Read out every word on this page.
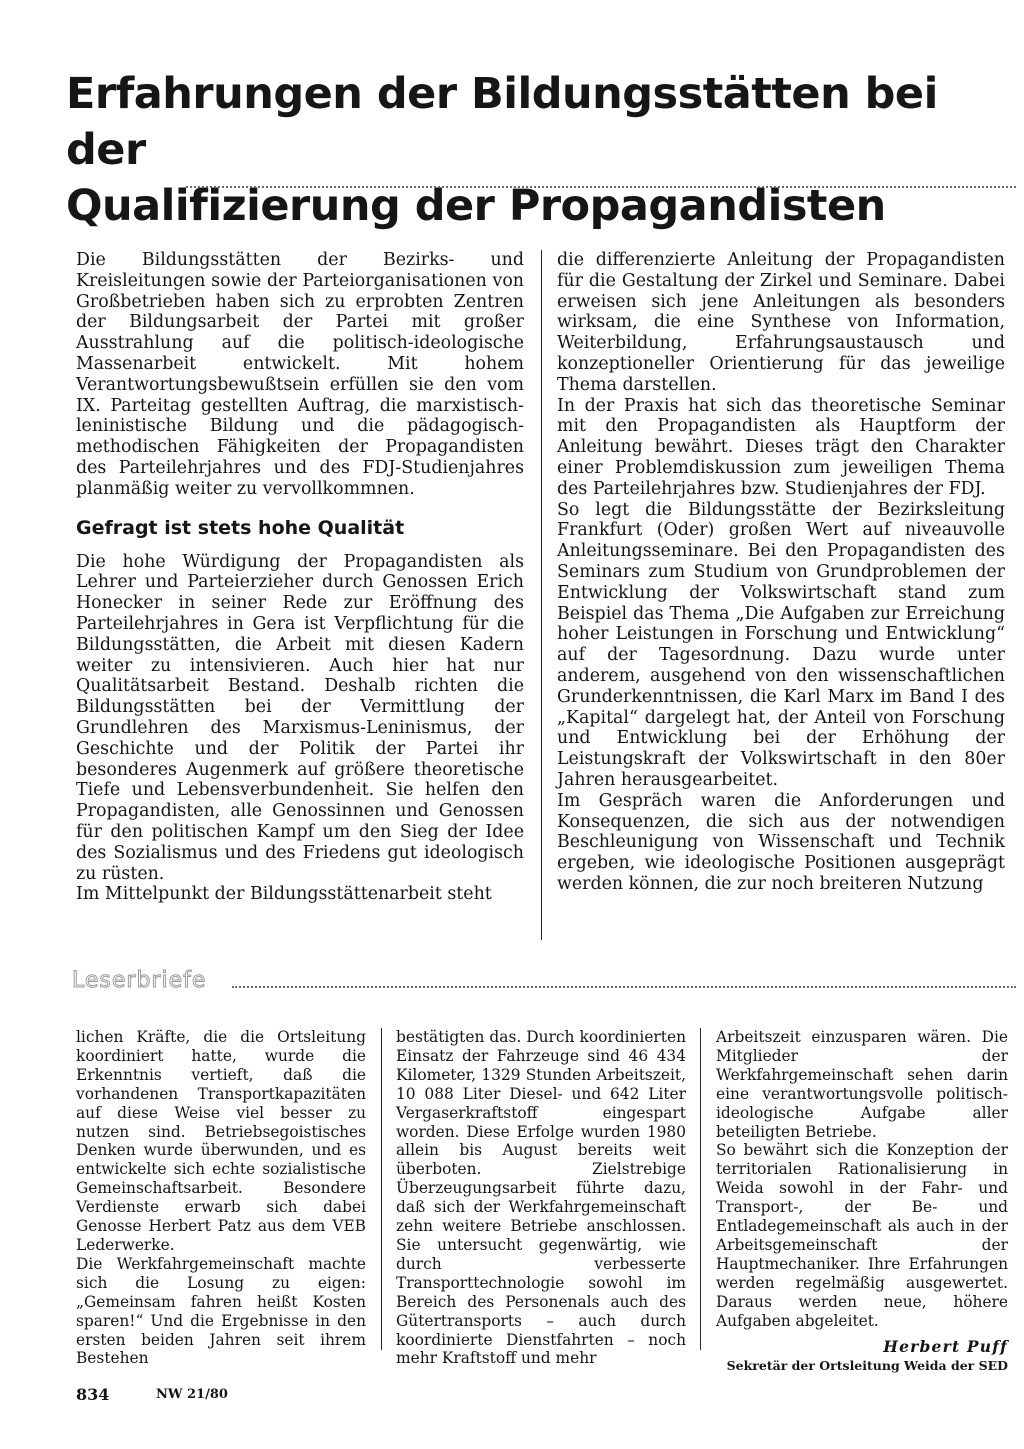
Erfahrungen der Bildungsstätten bei der
Qualifizierung der Propagandisten

Die Bildungsstätten der Bezirks- und Kreisleitungen sowie der Parteiorganisationen von Großbetrieben haben sich zu erprobten Zentren der Bildungsarbeit der Partei mit großer Ausstrahlung auf die politisch-ideologische Massenarbeit entwickelt. Mit hohem Verantwortungsbewußtsein erfüllen sie den vom IX. Parteitag gestellten Auftrag, die marxistisch-leninistische Bildung und die pädagogisch-methodischen Fähigkeiten der Propagandisten des Parteilehrjahres und des FDJ-Studienjahres planmäßig weiter zu vervollkommnen.

Gefragt ist stets hohe Qualität

Die hohe Würdigung der Propagandisten als Lehrer und Parteierzieher durch Genossen Erich Honecker in seiner Rede zur Eröffnung des Parteilehrjahres in Gera ist Verpflichtung für die Bildungsstätten, die Arbeit mit diesen Kadern weiter zu intensivieren. Auch hier hat nur Qualitätsarbeit Bestand. Deshalb richten die Bildungsstätten bei der Vermittlung der Grundlehren des Marxismus-Leninismus, der Geschichte und der Politik der Partei ihr besonderes Augenmerk auf größere theoretische Tiefe und Lebensverbundenheit. Sie helfen den Propagandisten, alle Genossinnen und Genossen für den politischen Kampf um den Sieg der Idee des Sozialismus und des Friedens gut ideologisch zu rüsten.

Im Mittelpunkt der Bildungsstättenarbeit steht

die differenzierte Anleitung der Propagandisten für die Gestaltung der Zirkel und Seminare. Dabei erweisen sich jene Anleitungen als besonders wirksam, die eine Synthese von Information, Weiterbildung, Erfahrungsaustausch und konzeptioneller Orientierung für das jeweilige Thema darstellen.

In der Praxis hat sich das theoretische Seminar mit den Propagandisten als Hauptform der Anleitung bewährt. Dieses trägt den Charakter einer Problemdiskussion zum jeweiligen Thema des Parteilehrjahres bzw. Studienjahres der FDJ.

So legt die Bildungsstätte der Bezirksleitung Frankfurt (Oder) großen Wert auf niveauvolle Anleitungsseminare. Bei den Propagandisten des Seminars zum Studium von Grundproblemen der Entwicklung der Volkswirtschaft stand zum Beispiel das Thema „Die Aufgaben zur Erreichung hoher Leistungen in Forschung und Entwicklung“ auf der Tagesordnung. Dazu wurde unter anderem, ausgehend von den wissenschaftlichen Grunderkenntnissen, die Karl Marx im Band I des „Kapital“ dargelegt hat, der Anteil von Forschung und Entwicklung bei der Erhöhung der Leistungskraft der Volkswirtschaft in den 80er Jahren herausgearbeitet.

Im Gespräch waren die Anforderungen und Konsequenzen, die sich aus der notwendigen Beschleunigung von Wissenschaft und Technik ergeben, wie ideologische Positionen ausgeprägt werden können, die zur noch breiteren Nutzung

Leserbriefe

lichen Kräfte, die die Ortsleitung koordiniert hatte, wurde die Erkenntnis vertieft, daß die vorhandenen Transportkapazitäten auf diese Weise viel besser zu nutzen sind. Betriebsegoistisches Denken wurde überwunden, und es entwickelte sich echte sozialistische Gemeinschaftsarbeit. Besondere Verdienste erwarb sich dabei Genosse Herbert Patz aus dem VEB Lederwerke.

Die Werkfahrgemeinschaft machte sich die Losung zu eigen: „Gemeinsam fahren heißt Kosten sparen!“ Und die Ergebnisse in den ersten beiden Jahren seit ihrem Bestehen

bestätigten das. Durch koordinierten Einsatz der Fahrzeuge sind 46 434 Kilometer, 1329 Stunden Arbeitszeit, 10 088 Liter Diesel- und 642 Liter Vergaserkraftstoff eingespart worden. Diese Erfolge wurden 1980 allein bis August bereits weit überboten. Zielstrebige Überzeugungsarbeit führte dazu, daß sich der Werkfahrgemeinschaft zehn weitere Betriebe anschlossen. Sie untersucht gegenwärtig, wie durch verbesserte Transporttechnologie sowohl im Bereich des Personenals auch des Gütertransports – auch durch koordinierte Dienstfahrten – noch mehr Kraftstoff und mehr

Arbeitszeit einzusparen wären. Die Mitglieder der Werkfahrgemeinschaft sehen darin eine verantwortungsvolle politisch-ideologische Aufgabe aller beteiligten Betriebe.

So bewährt sich die Konzeption der territorialen Rationalisierung in Weida sowohl in der Fahr- und Transport-, der Be- und Entladegemeinschaft als auch in der Arbeitsgemeinschaft der Hauptmechaniker. Ihre Erfahrungen werden regelmäßig ausgewertet. Daraus werden neue, höhere Aufgaben abgeleitet.

Herbert Puff
Sekretär der Ortsleitung Weida der SED
834	NW 21/80
